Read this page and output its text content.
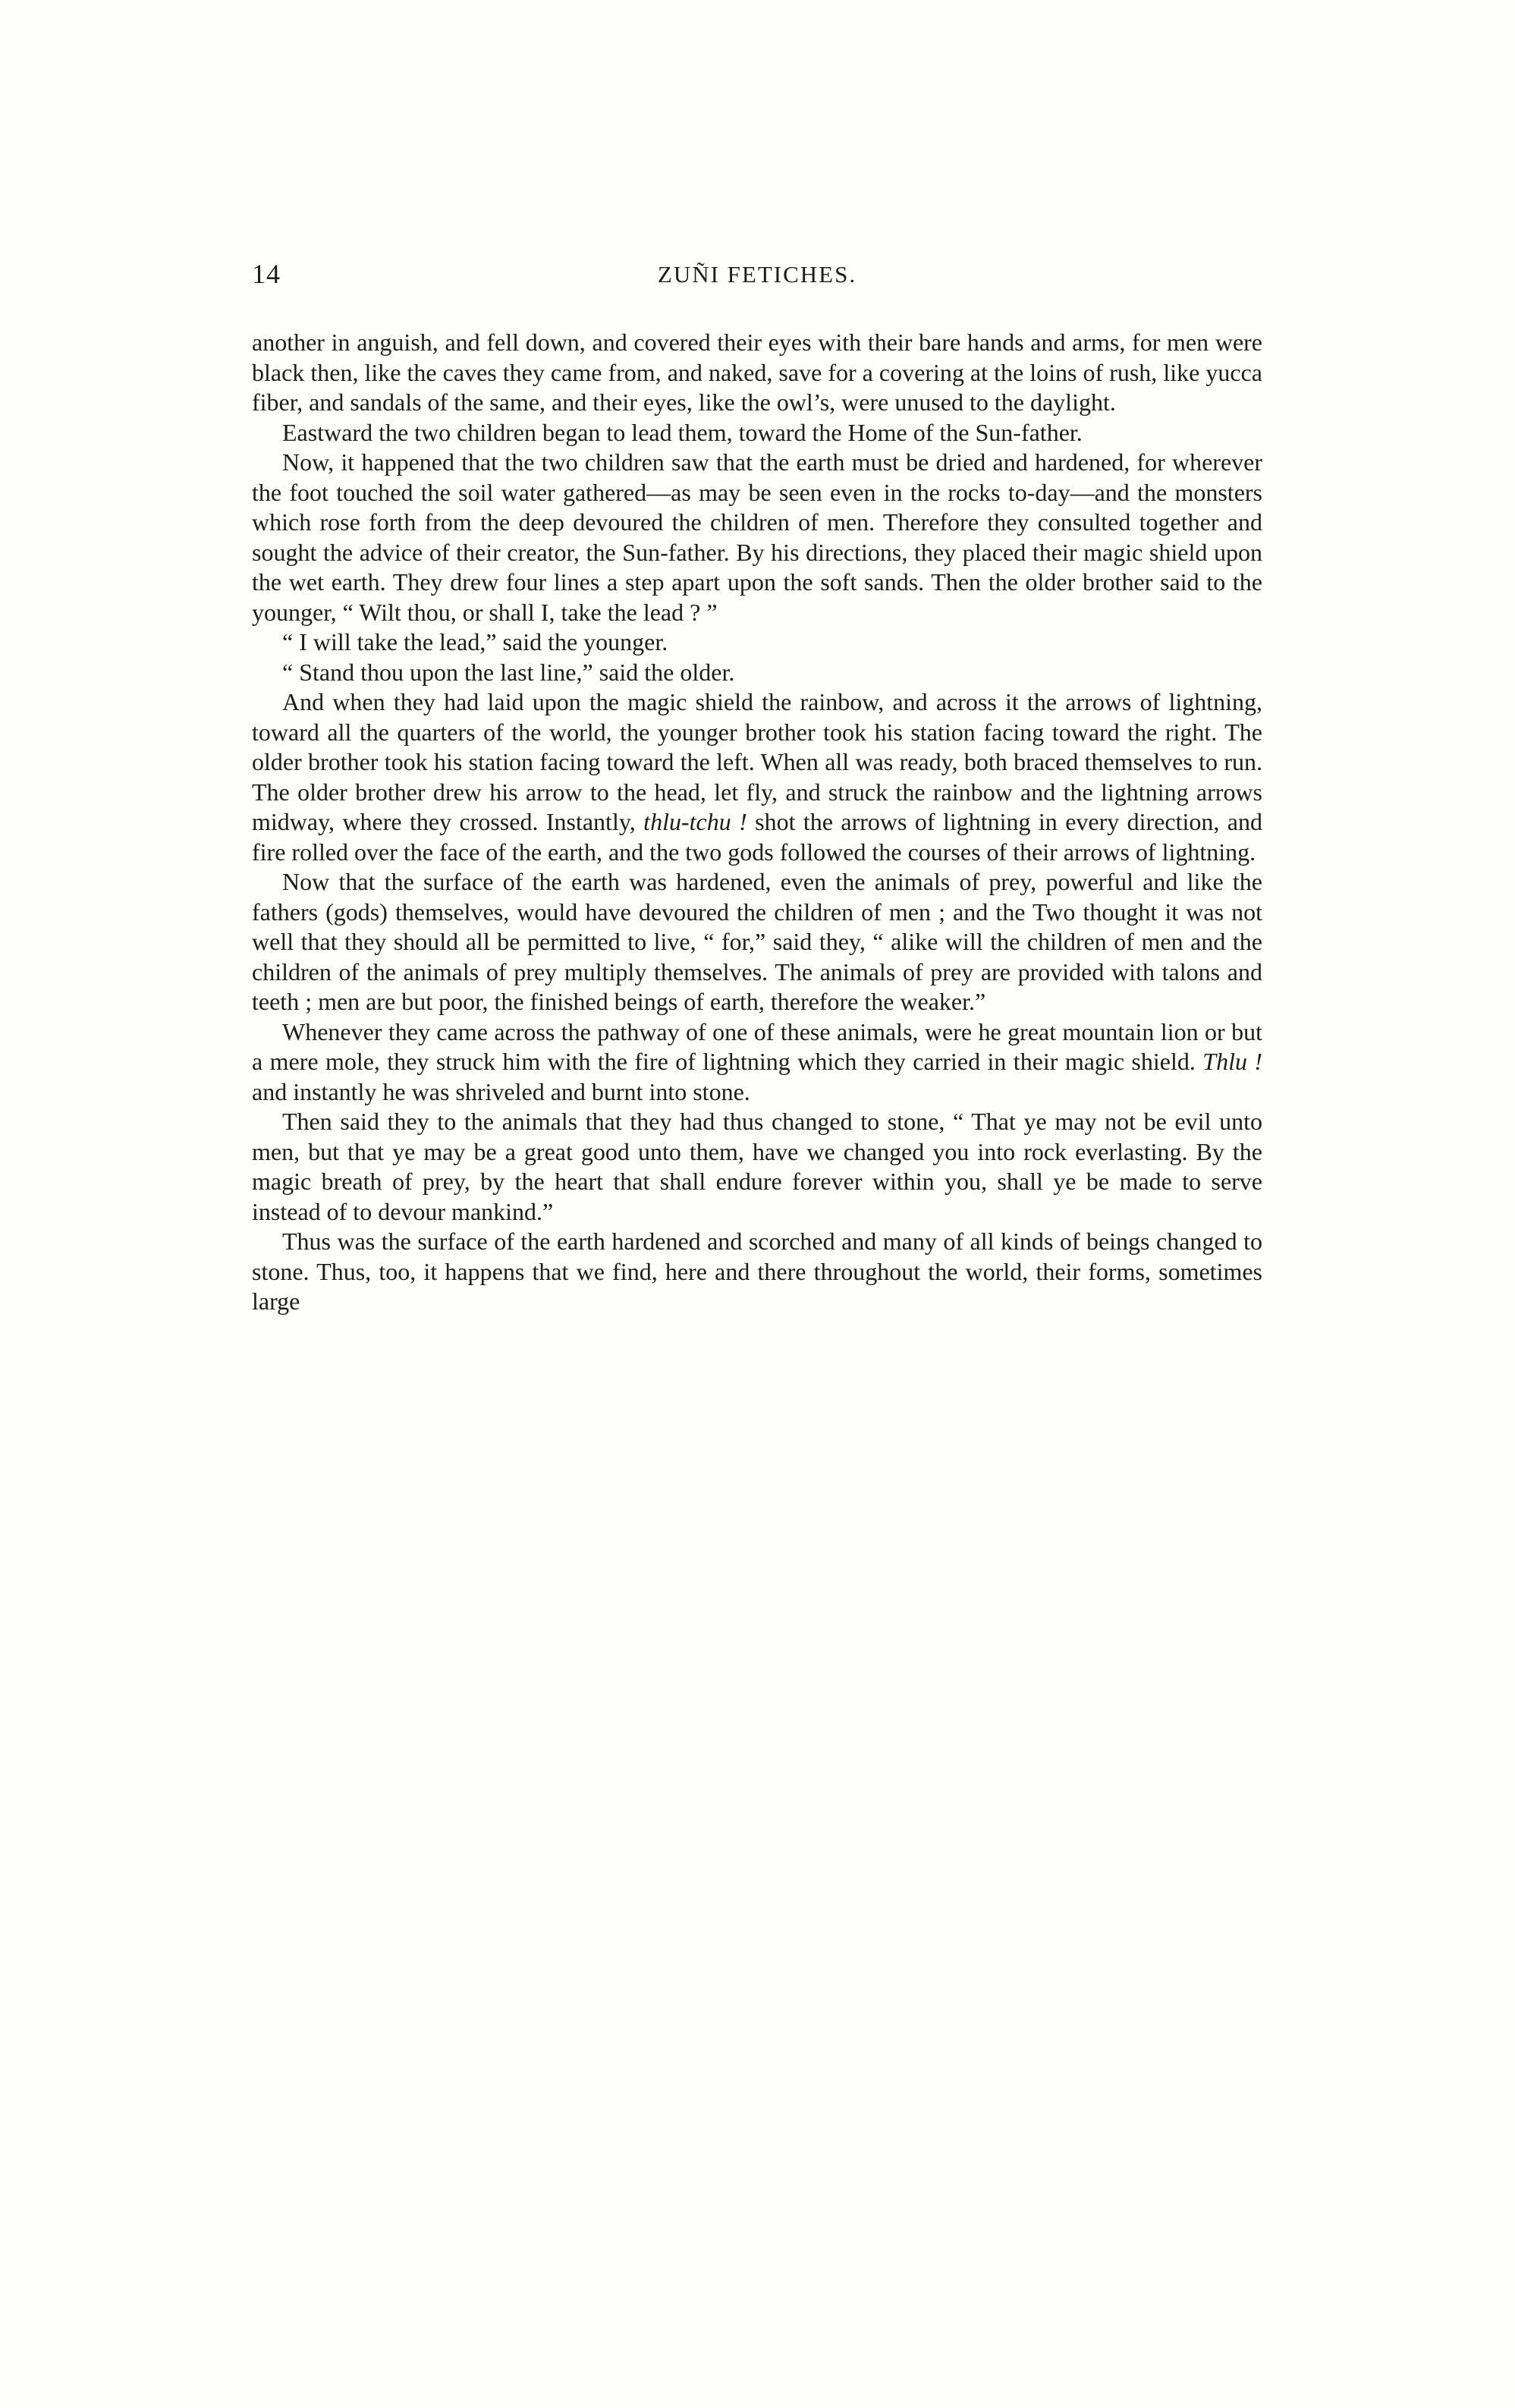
14	ZUÑI FETICHES.

another in anguish, and fell down, and covered their eyes with their bare hands and arms, for men were black then, like the caves they came from, and naked, save for a covering at the loins of rush, like yucca fiber, and sandals of the same, and their eyes, like the owl’s, were unused to the daylight.

Eastward the two children began to lead them, toward the Home of the Sun-father.

Now, it happened that the two children saw that the earth must be dried and hardened, for wherever the foot touched the soil water gathered—as may be seen even in the rocks to-day—and the monsters which rose forth from the deep devoured the children of men. Therefore they consulted together and sought the advice of their creator, the Sun-father. By his directions, they placed their magic shield upon the wet earth. They drew four lines a step apart upon the soft sands. Then the older brother said to the younger, “ Wilt thou, or shall I, take the lead ? ”

“ I will take the lead,” said the younger.

“ Stand thou upon the last line,” said the older.

And when they had laid upon the magic shield the rainbow, and across it the arrows of lightning, toward all the quarters of the world, the younger brother took his station facing toward the right. The older brother took his station facing toward the left. When all was ready, both braced themselves to run. The older brother drew his arrow to the head, let fly, and struck the rainbow and the lightning arrows midway, where they crossed. Instantly, thlu-tchu ! shot the arrows of lightning in every direction, and fire rolled over the face of the earth, and the two gods followed the courses of their arrows of lightning.

Now that the surface of the earth was hardened, even the animals of prey, powerful and like the fathers (gods) themselves, would have devoured the children of men ; and the Two thought it was not well that they should all be permitted to live, “ for,” said they, “ alike will the children of men and the children of the animals of prey multiply themselves. The animals of prey are provided with talons and teeth ; men are but poor, the finished beings of earth, therefore the weaker.”

Whenever they came across the pathway of one of these animals, were he great mountain lion or but a mere mole, they struck him with the fire of lightning which they carried in their magic shield. Thlu ! and instantly he was shriveled and burnt into stone.

Then said they to the animals that they had thus changed to stone, “ That ye may not be evil unto men, but that ye may be a great good unto them, have we changed you into rock everlasting. By the magic breath of prey, by the heart that shall endure forever within you, shall ye be made to serve instead of to devour mankind.”

Thus was the surface of the earth hardened and scorched and many of all kinds of beings changed to stone. Thus, too, it happens that we find, here and there throughout the world, their forms, sometimes large
